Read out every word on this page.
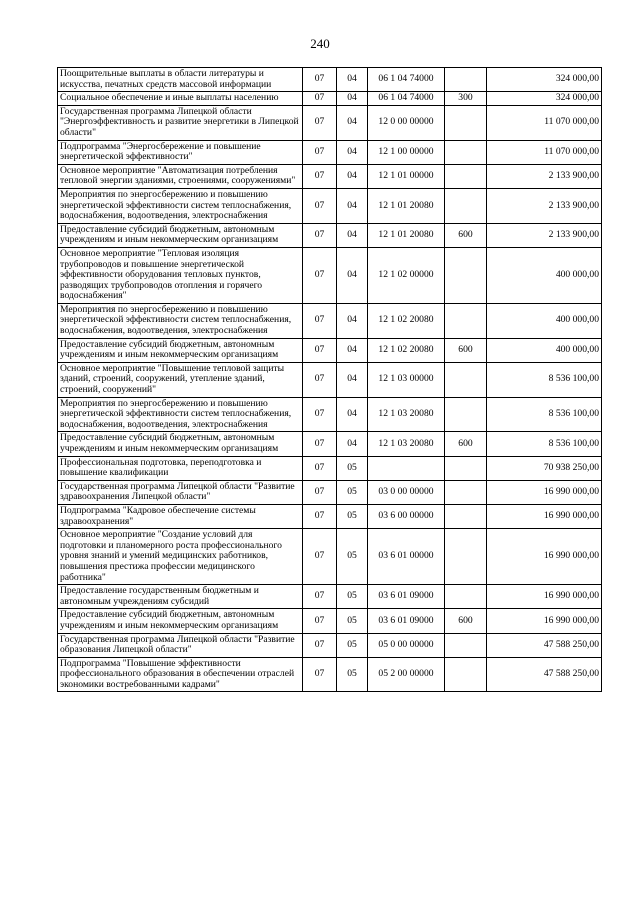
240
Поощрительные выплаты в области литературы и искусства, печатных средств массовой информации	07	04	06 1 04 74000		324 000,00
Социальное обеспечение и иные выплаты населению	07	04	06 1 04 74000	300	324 000,00
Государственная программа Липецкой области "Энергоэффективность и развитие энергетики в Липецкой области"	07	04	12 0 00 00000		11 070 000,00
Подпрограмма "Энергосбережение и повышение энергетической эффективности"	07	04	12 1 00 00000		11 070 000,00
Основное мероприятие "Автоматизация потребления тепловой энергии зданиями, строениями, сооружениями"	07	04	12 1 01 00000		2 133 900,00
Мероприятия по энергосбережению и повышению энергетической эффективности систем теплоснабжения, водоснабжения, водоотведения, электроснабжения	07	04	12 1 01 20080		2 133 900,00
Предоставление субсидий бюджетным, автономным учреждениям и иным некоммерческим организациям	07	04	12 1 01 20080	600	2 133 900,00
Основное мероприятие "Тепловая изоляция трубопроводов и повышение энергетической эффективности оборудования тепловых пунктов, разводящих трубопроводов отопления и горячего водоснабжения"	07	04	12 1 02 00000		400 000,00
Мероприятия по энергосбережению и повышению энергетической эффективности систем теплоснабжения, водоснабжения, водоотведения, электроснабжения	07	04	12 1 02 20080		400 000,00
Предоставление субсидий бюджетным, автономным учреждениям и иным некоммерческим организациям	07	04	12 1 02 20080	600	400 000,00
Основное мероприятие "Повышение тепловой защиты зданий, строений, сооружений, утепление зданий, строений, сооружений"	07	04	12 1 03 00000		8 536 100,00
Мероприятия по энергосбережению и повышению энергетической эффективности систем теплоснабжения, водоснабжения, водоотведения, электроснабжения	07	04	12 1 03 20080		8 536 100,00
Предоставление субсидий бюджетным, автономным учреждениям и иным некоммерческим организациям	07	04	12 1 03 20080	600	8 536 100,00
Профессиональная подготовка, переподготовка и повышение квалификации	07	05			70 938 250,00
Государственная программа Липецкой области "Развитие здравоохранения Липецкой области"	07	05	03 0 00 00000		16 990 000,00
Подпрограмма "Кадровое обеспечение системы здравоохранения"	07	05	03 6 00 00000		16 990 000,00
Основное мероприятие "Создание условий для подготовки и планомерного роста профессионального уровня знаний и умений медицинских работников, повышения престижа профессии медицинского работника"	07	05	03 6 01 00000		16 990 000,00
Предоставление государственным бюджетным и автономным учреждениям субсидий	07	05	03 6 01 09000		16 990 000,00
Предоставление субсидий бюджетным, автономным учреждениям и иным некоммерческим организациям	07	05	03 6 01 09000	600	16 990 000,00
Государственная программа Липецкой области "Развитие образования Липецкой области"	07	05	05 0 00 00000		47 588 250,00
Подпрограмма "Повышение эффективности профессионального образования в обеспечении отраслей экономики востребованными кадрами"	07	05	05 2 00 00000		47 588 250,00
